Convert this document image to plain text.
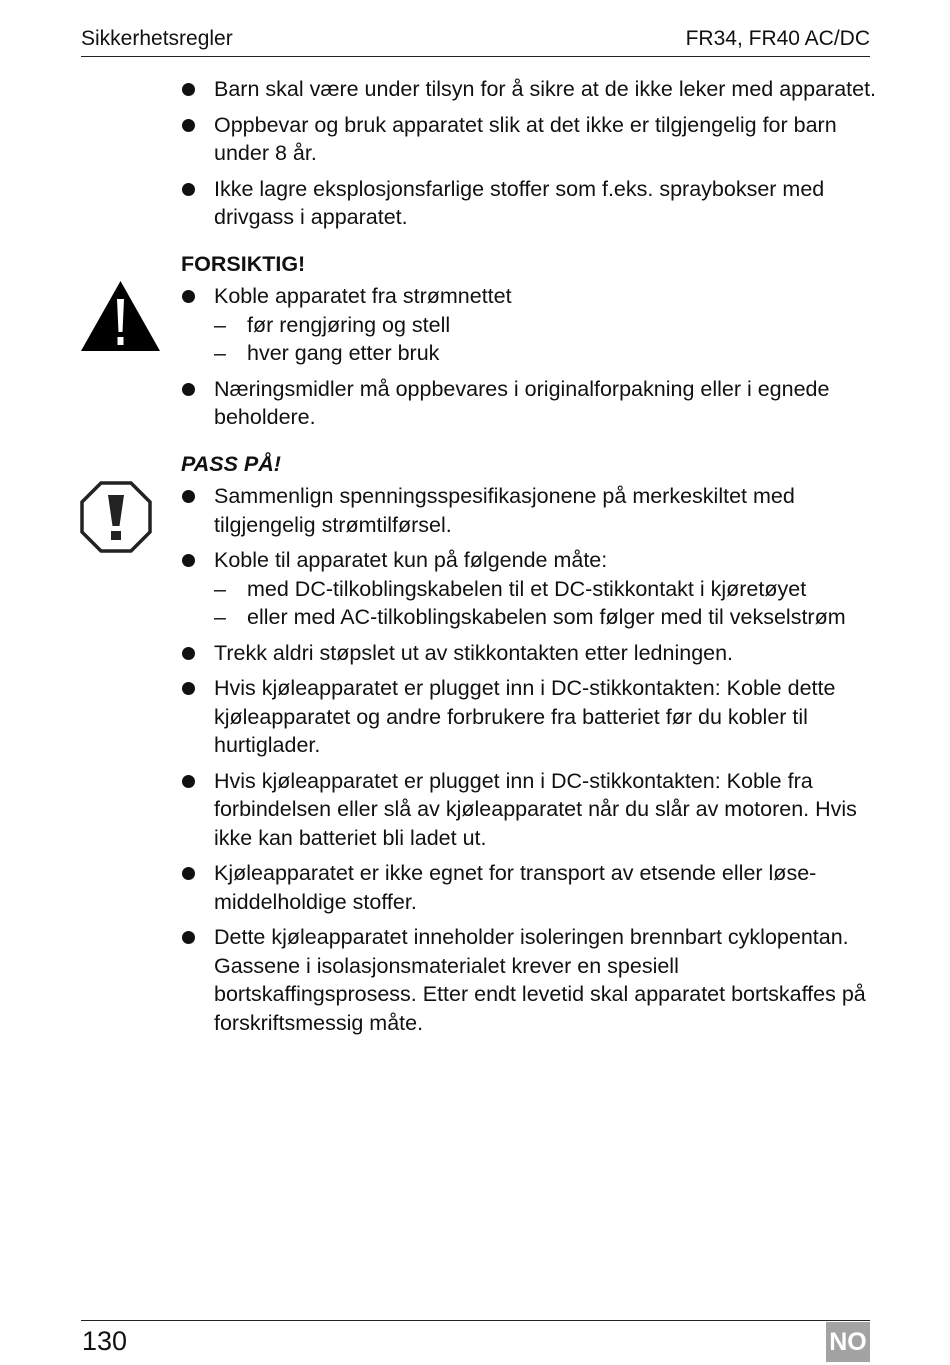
Sikkerhetsregler	FR34, FR40 AC/DC
Barn skal være under tilsyn for å sikre at de ikke leker med apparatet.
Oppbevar og bruk apparatet slik at det ikke er tilgjengelig for barn under 8 år.
Ikke lagre eksplosjonsfarlige stoffer som f.eks. spraybokser med drivgass i apparatet.
FORSIKTIG!
Koble apparatet fra strømnettet
– før rengjøring og stell
– hver gang etter bruk
Næringsmidler må oppbevares i originalforpakning eller i egnede beholdere.
PASS PÅ!
Sammenlign spenningsspesifikasjonene på merkeskiltet med tilgjengelig strømtilførsel.
Koble til apparatet kun på følgende måte:
– med DC-tilkoblingskabelen til et DC-stikkontakt i kjøretøyet
– eller med AC-tilkoblingskabelen som følger med til vekselstrøm
Trekk aldri støpslet ut av stikkontakten etter ledningen.
Hvis kjøleapparatet er plugget inn i DC-stikkontakten: Koble dette kjøleapparatet og andre forbrukere fra batteriet før du kobler til hurtiglader.
Hvis kjøleapparatet er plugget inn i DC-stikkontakten: Koble fra forbindelsen eller slå av kjøleapparatet når du slår av motoren. Hvis ikke kan batteriet bli ladet ut.
Kjøleapparatet er ikke egnet for transport av etsende eller løsemiddelholdige stoffer.
Dette kjøleapparatet inneholder isoleringen brennbart cyklopentan. Gassene i isolasjonsmaterialet krever en spesiell bortskaffingsprosess. Etter endt levetid skal apparatet bortskaffes på forskriftsmessig måte.
130	NO
